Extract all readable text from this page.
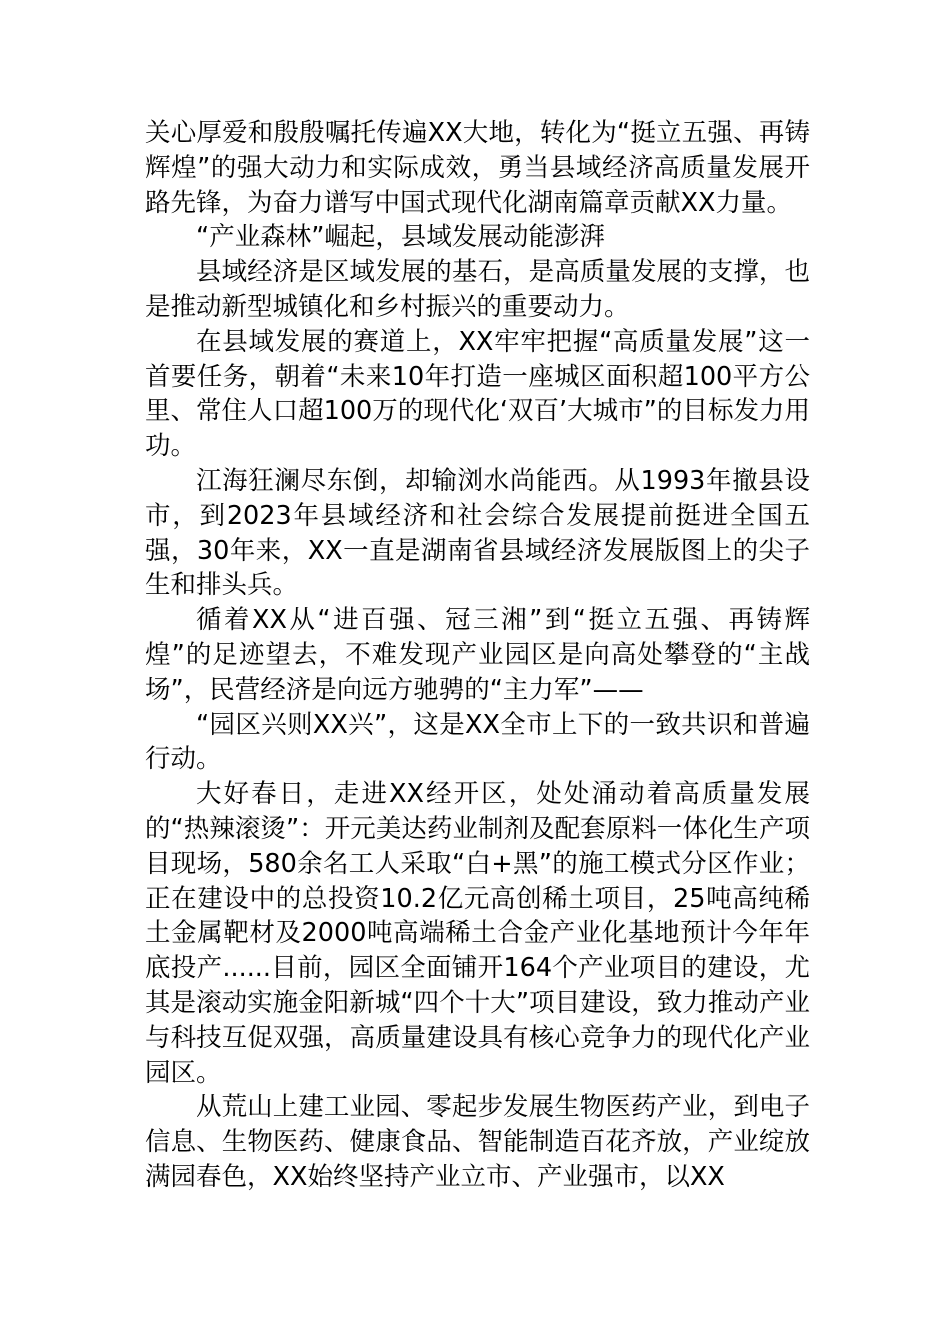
关心厚爱和殷殷嘱托传遍XX大地，转化为“挺立五强、再铸辉煌”的强大动力和实际成效，勇当县域经济高质量发展开路先锋，为奋力谱写中国式现代化湖南篇章贡献XX力量。

“产业森林”崛起，县域发展动能澎湃

县域经济是区域发展的基石，是高质量发展的支撑，也是推动新型城镇化和乡村振兴的重要动力。

在县域发展的赛道上，XX牢牢把握“高质量发展”这一首要任务，朝着“未来10年打造一座城区面积超100平方公里、常住人口超100万的现代化‘双百’大城市”的目标发力用功。

江海狂澜尽东倒，却输浏水尚能西。从1993年撤县设市，到2023年县域经济和社会综合发展提前挺进全国五强，30年来，XX一直是湖南省县域经济发展版图上的尖子生和排头兵。

循着XX从“进百强、冠三湘”到“挺立五强、再铸辉煌”的足迹望去，不难发现产业园区是向高处攀登的“主战场”，民营经济是向远方驰骋的“主力军”——

“园区兴则XX兴”，这是XX全市上下的一致共识和普遍行动。

大好春日，走进XX经开区，处处涌动着高质量发展的“热辣滚烫”：开元美达药业制剂及配套原料一体化生产项目现场，580余名工人采取“白+黑”的施工模式分区作业；正在建设中的总投资10.2亿元高创稀土项目，25吨高纯稀土金属靶材及2000吨高端稀土合金产业化基地预计今年年底投产......目前，园区全面铺开164个产业项目的建设，尤其是滚动实施金阳新城“四个十大”项目建设，致力推动产业与科技互促双强，高质量建设具有核心竞争力的现代化产业园区。

从荒山上建工业园、零起步发展生物医药产业，到电子信息、生物医药、健康食品、智能制造百花齐放，产业绽放满园春色，XX始终坚持产业立市、产业强市，以XX
